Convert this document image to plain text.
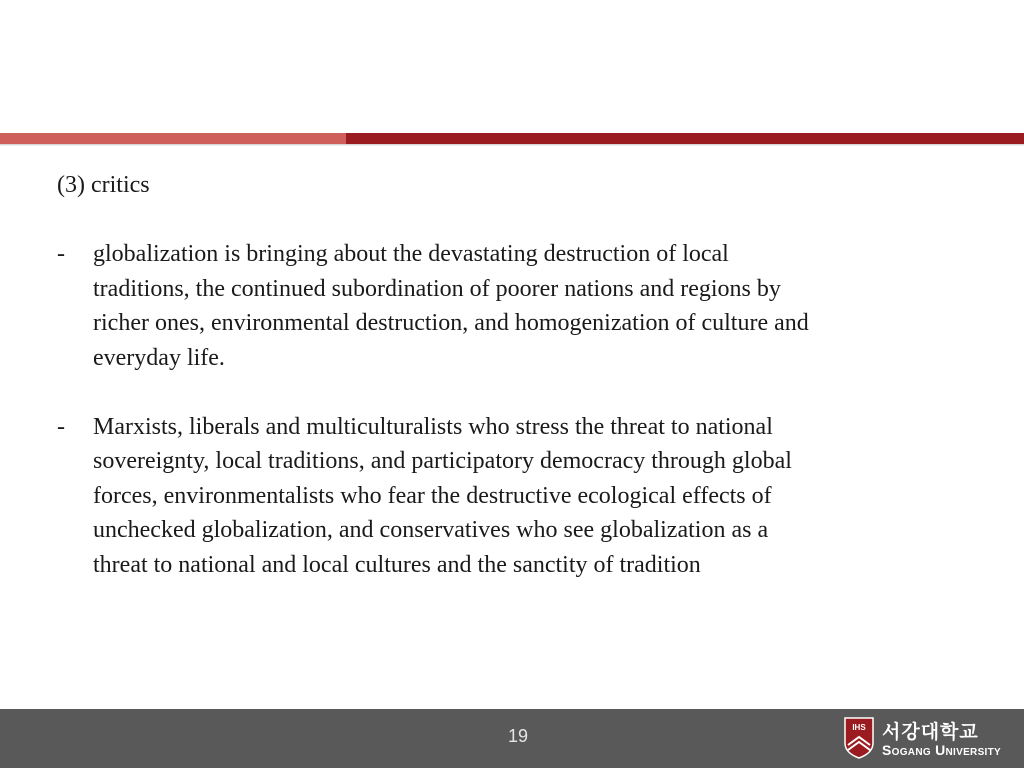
(3) critics

- globalization is bringing about the devastating destruction of local
traditions, the continued subordination of poorer nations and regions by
richer ones, environmental destruction, and homogenization of culture and
everyday life.
- Marxists, liberals and multiculturalists who stress the threat to national
sovereignty, local traditions, and participatory democracy through global
forces, environmentalists who fear the destructive ecological effects of
unchecked globalization, and conservatives who see globalization as a
threat to national and local cultures and the sanctity of tradition
19	IHS 서강대학교
Sogang University
